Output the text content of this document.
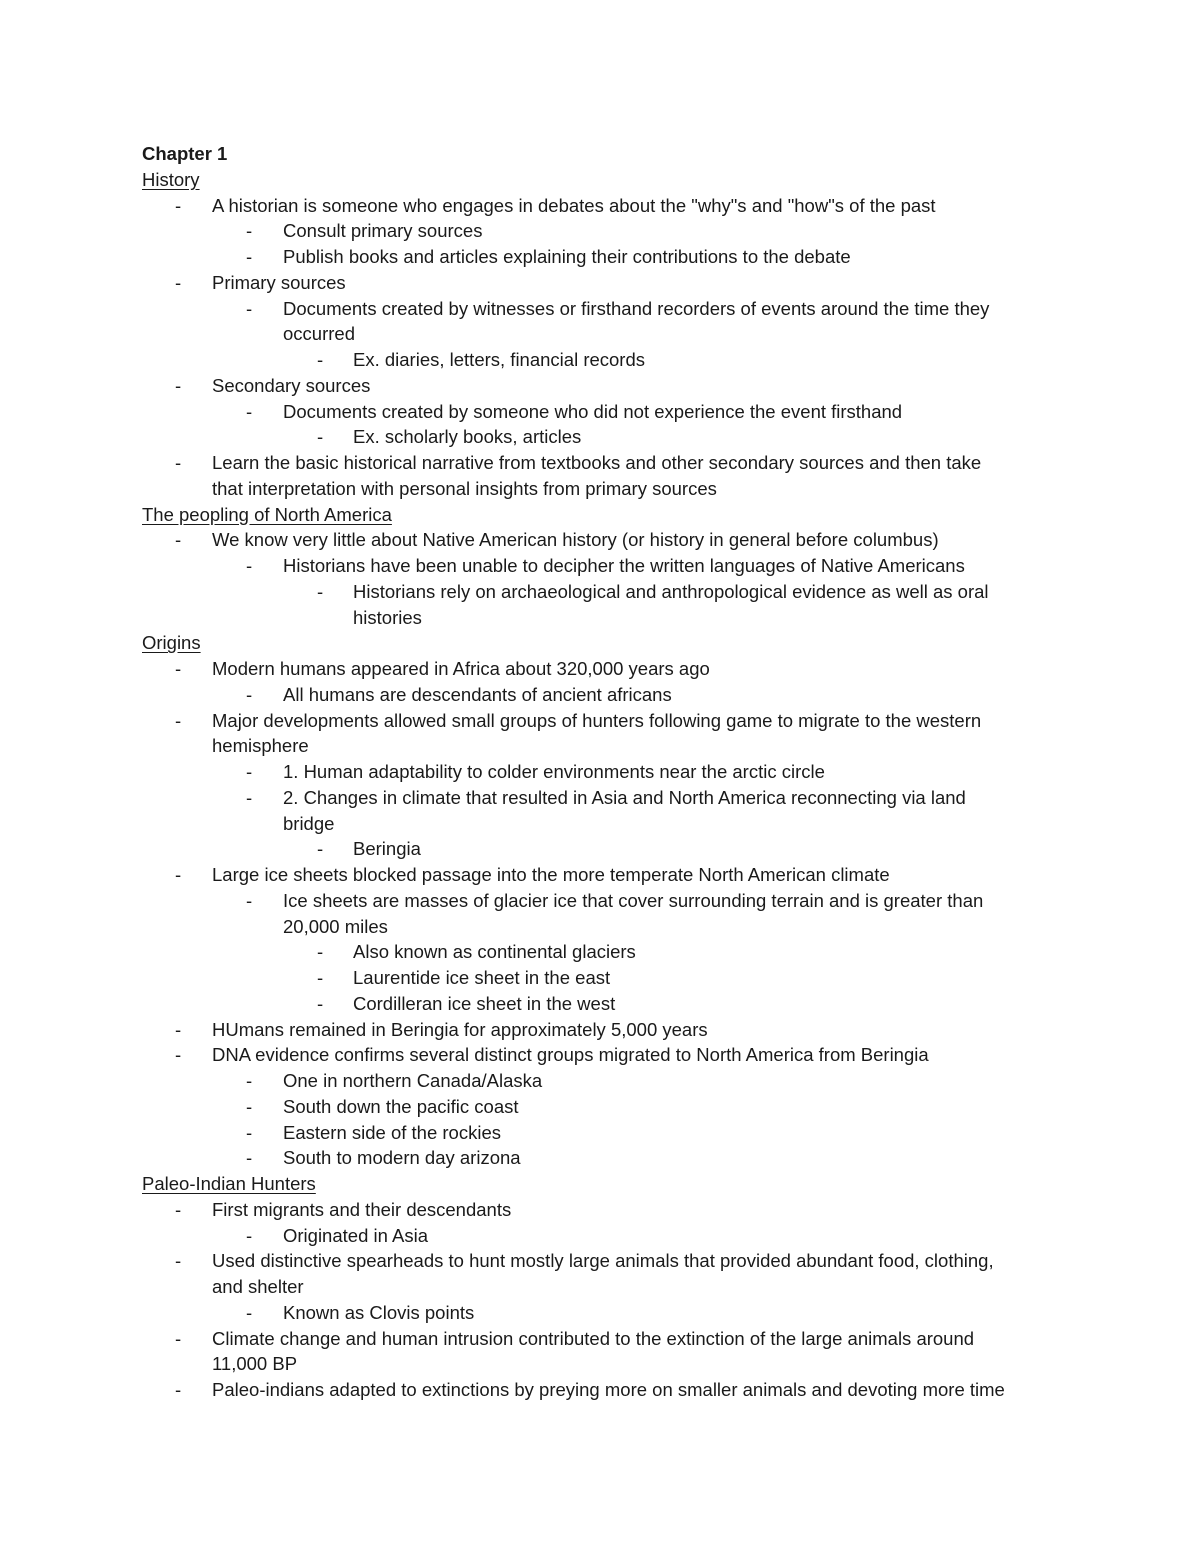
Chapter 1
History
- A historian is someone who engages in debates about the "why"s and "how"s of the past
- Consult primary sources
- Publish books and articles explaining their contributions to the debate
- Primary sources
- Documents created by witnesses or firsthand recorders of events around the time they
occurred
- Ex. diaries, letters, financial records
- Secondary sources
- Documents created by someone who did not experience the event firsthand
- Ex. scholarly books, articles
- Learn the basic historical narrative from textbooks and other secondary sources and then take
that interpretation with personal insights from primary sources
The peopling of North America
- We know very little about Native American history (or history in general before columbus)
- Historians have been unable to decipher the written languages of Native Americans
- Historians rely on archaeological and anthropological evidence as well as oral
histories
Origins
- Modern humans appeared in Africa about 320,000 years ago
- All humans are descendants of ancient africans
- Major developments allowed small groups of hunters following game to migrate to the western
hemisphere
- 1. Human adaptability to colder environments near the arctic circle
- 2. Changes in climate that resulted in Asia and North America reconnecting via land
bridge
- Beringia
- Large ice sheets blocked passage into the more temperate North American climate
- Ice sheets are masses of glacier ice that cover surrounding terrain and is greater than
20,000 miles
- Also known as continental glaciers
- Laurentide ice sheet in the east
- Cordilleran ice sheet in the west
- HUmans remained in Beringia for approximately 5,000 years
- DNA evidence confirms several distinct groups migrated to North America from Beringia
- One in northern Canada/Alaska
- South down the pacific coast
- Eastern side of the rockies
- South to modern day arizona
Paleo-Indian Hunters
- First migrants and their descendants
- Originated in Asia
- Used distinctive spearheads to hunt mostly large animals that provided abundant food, clothing,
and shelter
- Known as Clovis points
- Climate change and human intrusion contributed to the extinction of the large animals around
11,000 BP
- Paleo-indians adapted to extinctions by preying more on smaller animals and devoting more time
